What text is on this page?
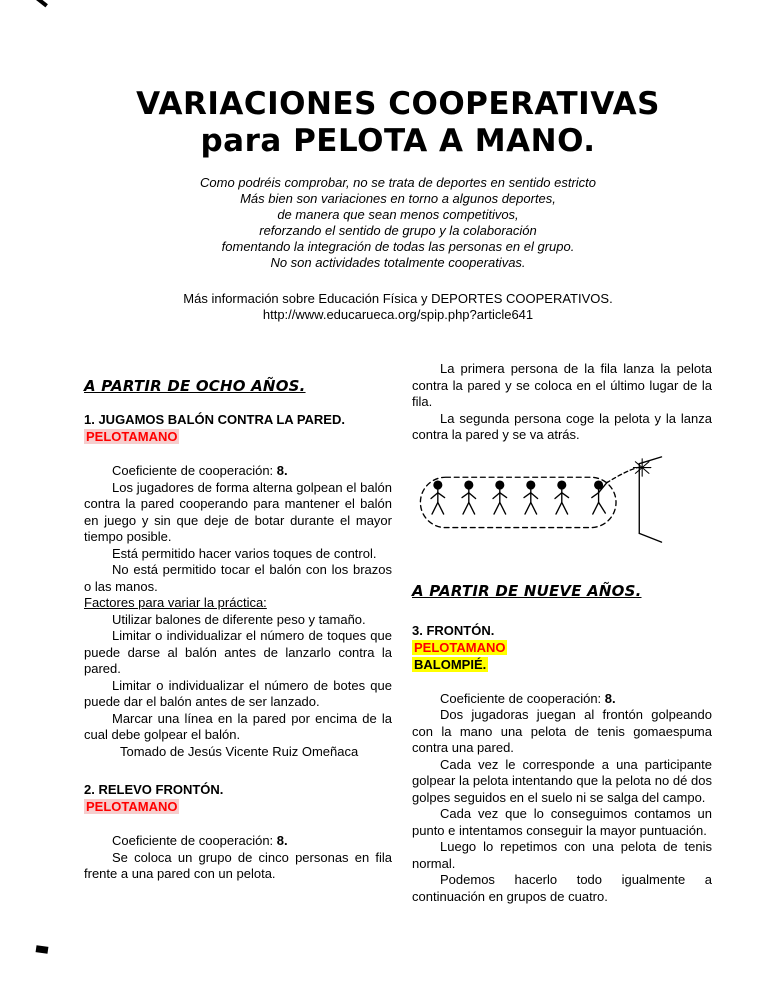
VARIACIONES COOPERATIVAS
para PELOTA A MANO.
Como podréis comprobar, no se trata de deportes en sentido estricto
Más bien son variaciones en torno a algunos deportes,
de manera que sean menos competitivos,
reforzando el sentido de grupo y la colaboración
fomentando la integración de todas las personas en el grupo.
No son actividades totalmente cooperativas.
Más información sobre Educación Física y DEPORTES COOPERATIVOS.
http://www.educarueca.org/spip.php?article641
A PARTIR DE OCHO AÑOS.
1. JUGAMOS BALÓN CONTRA LA PARED.
PELOTAMANO

Coeficiente de cooperación: 8.

Los jugadores de forma alterna golpean el balón contra la pared cooperando para mantener el balón en juego y sin que deje de botar durante el mayor tiempo posible.

Está permitido hacer varios toques de control.

No está permitido tocar el balón con los brazos o las manos.

Factores para variar la práctica:

Utilizar balones de diferente peso y tamaño.

Limitar o individualizar el número de toques que puede darse al balón antes de lanzarlo contra la pared.

Limitar o individualizar el número de botes que puede dar el balón antes de ser lanzado.

Marcar una línea en la pared por encima de la cual debe golpear el balón.

Tomado de Jesús Vicente Ruiz Omeñaca

2. RELEVO FRONTÓN.
PELOTAMANO

Coeficiente de cooperación: 8.

Se coloca un grupo de cinco personas en fila frente a una pared con un pelota.

La primera persona de la fila lanza la pelota contra la pared y se coloca en el último lugar de la fila.

La segunda persona coge la pelota y la lanza contra la pared y se va atrás.

A PARTIR DE NUEVE AÑOS.
3. FRONTÓN.
PELOTAMANO
BALOMPIÉ.

Coeficiente de cooperación: 8.

Dos jugadoras juegan al frontón golpeando con la mano una pelota de tenis gomaespuma contra una pared.

Cada vez le corresponde a una participante golpear la pelota intentando que la pelota no dé dos golpes seguidos en el suelo ni se salga del campo.

Cada vez que lo conseguimos contamos un punto e intentamos conseguir la mayor puntuación.

Luego lo repetimos con una pelota de tenis normal.

Podemos hacerlo todo igualmente a continuación en grupos de cuatro.
